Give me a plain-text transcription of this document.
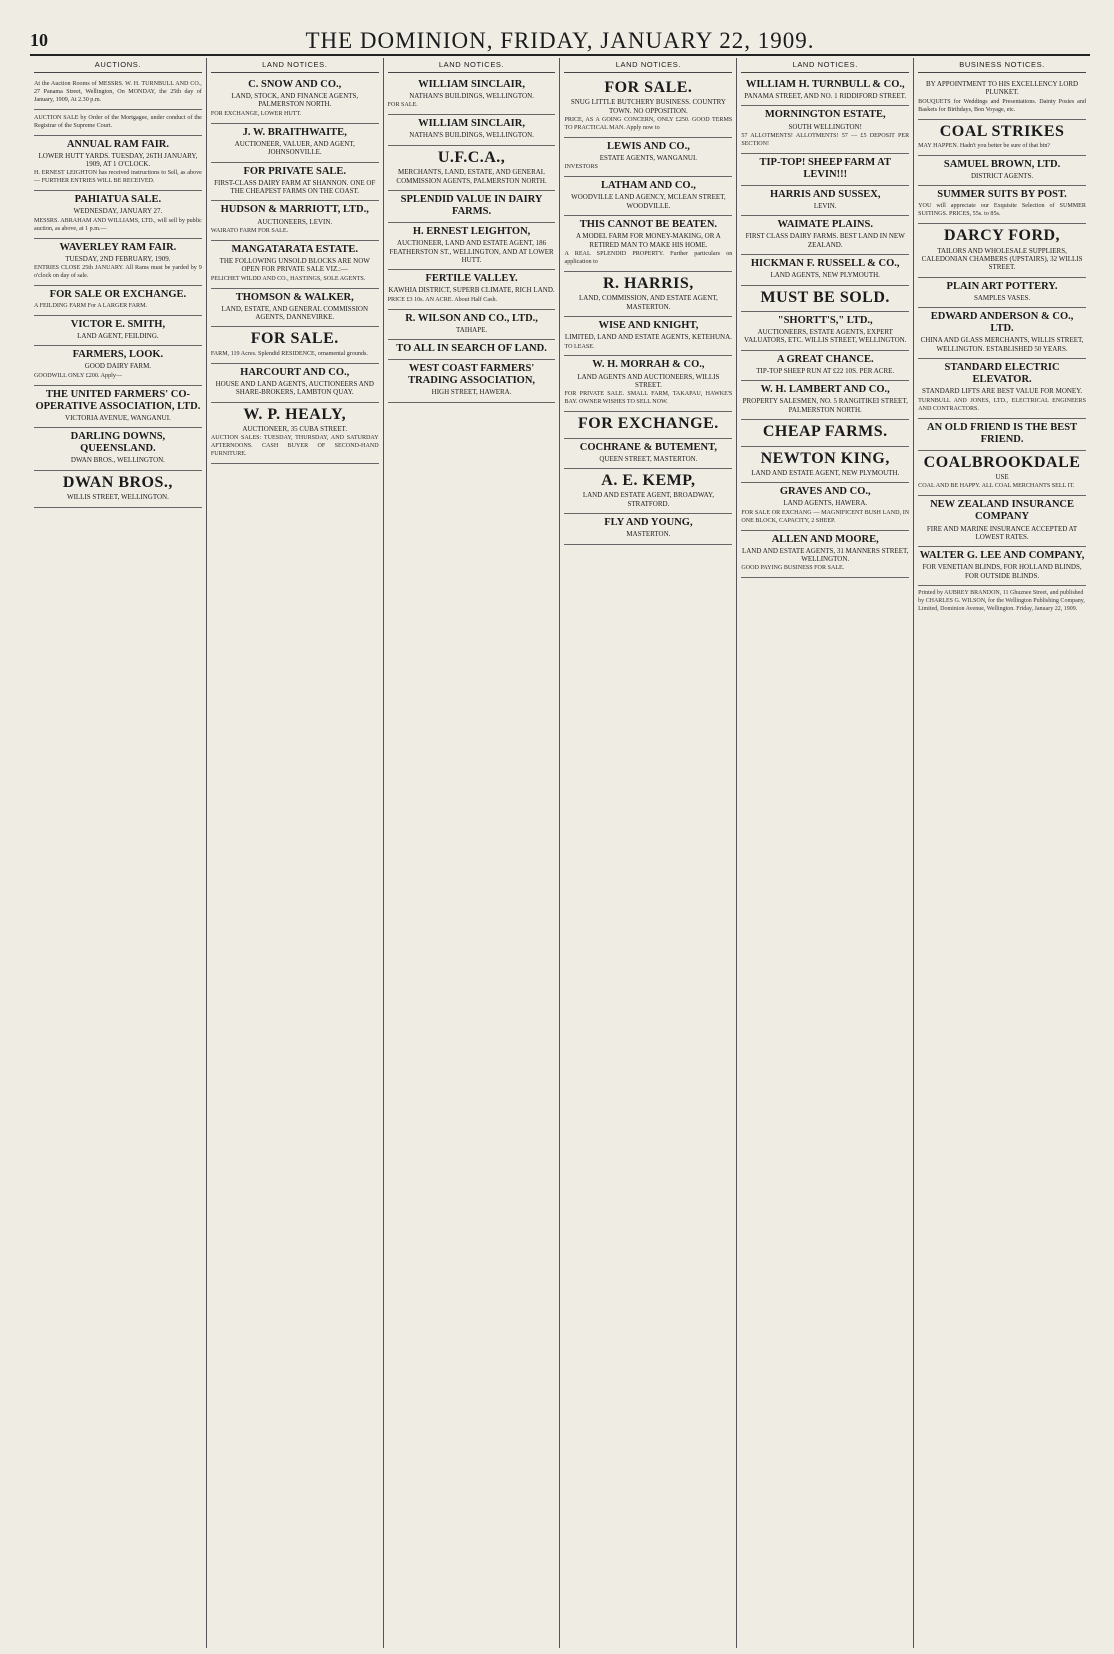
10	THE DOMINION, FRIDAY, JANUARY 22, 1909.
AUCTIONS.
At the Auction Rooms of MESSRS. W. H. TURNBULL AND CO., 27 Panama Street, Wellington, On MONDAY, the 25th day of January, 1909, At 2.30 p.m.
AUCTION SALE by Order of the Mortgagee, under conduct of the Registrar of the Supreme Court.
ANNUAL RAM FAIR.
LOWER HUTT YARDS. TUESDAY, 26TH JANUARY, 1909, AT 1 O'CLOCK.
H. ERNEST LEIGHTON has received instructions to Sell, as above— FURTHER ENTRIES WILL BE RECEIVED.
PAHIATUA SALE.
WEDNESDAY, JANUARY 27.
MESSRS. ABRAHAM AND WILLIAMS, LTD., will sell by public auction, as above, at 1 p.m.—
WAVERLEY RAM FAIR.
TUESDAY, 2ND FEBRUARY, 1909.
ENTRIES CLOSE 25th JANUARY. All Rams must be yarded by 9 o'clock on day of sale.
FOR SALE OR EXCHANGE.
A FEILDING FARM For A LARGER FARM.
VICTOR E. SMITH,
LAND AGENT, FEILDING.
FARMERS, LOOK.
GOOD DAIRY FARM.
GOODWILL ONLY £200. Apply—
THE UNITED FARMERS' CO-OPERATIVE ASSOCIATION, LTD.
VICTORIA AVENUE, WANGANUI.
DARLING DOWNS, QUEENSLAND.
DWAN BROS., WELLINGTON.
DWAN BROS.,
WILLIS STREET, WELLINGTON.
LAND NOTICES.
C. SNOW AND CO.,
LAND, STOCK, AND FINANCE AGENTS, PALMERSTON NORTH.
FOR EXCHANGE, LOWER HUTT.
J. W. BRAITHWAITE,
AUCTIONEER, VALUER, AND AGENT, JOHNSONVILLE.
FOR PRIVATE SALE.
FIRST-CLASS DAIRY FARM AT SHANNON. ONE OF THE CHEAPEST FARMS ON THE COAST.
HUDSON & MARRIOTT, LTD.,
AUCTIONEERS, LEVIN.
WAIRATO FARM FOR SALE.
MANGATARATA ESTATE.
THE FOLLOWING UNSOLD BLOCKS ARE NOW OPEN FOR PRIVATE SALE VIZ.:—
PELICHET WILDD AND CO., HASTINGS, SOLE AGENTS.
THOMSON & WALKER,
LAND, ESTATE, AND GENERAL COMMISSION AGENTS, DANNEVIRKE.
FOR SALE.
FARM, 119 Acres. Splendid RESIDENCE, ornamental grounds.
HARCOURT AND CO.,
HOUSE AND LAND AGENTS, AUCTIONEERS AND SHARE-BROKERS, LAMBTON QUAY.
W. P. HEALY,
AUCTIONEER, 35 CUBA STREET.
AUCTION SALES: TUESDAY, THURSDAY, AND SATURDAY AFTERNOONS. CASH BUYER OF SECOND-HAND FURNITURE.
LAND NOTICES.
WILLIAM SINCLAIR,
NATHAN'S BUILDINGS, WELLINGTON.
FOR SALE.
WILLIAM SINCLAIR,
NATHAN'S BUILDINGS, WELLINGTON.
U.F.C.A.,
MERCHANTS, LAND, ESTATE, AND GENERAL COMMISSION AGENTS, PALMERSTON NORTH.
SPLENDID VALUE IN DAIRY FARMS.
H. ERNEST LEIGHTON,
AUCTIONEER, LAND AND ESTATE AGENT, 186 FEATHERSTON ST., WELLINGTON, AND AT LOWER HUTT.
FERTILE VALLEY.
KAWHIA DISTRICT, SUPERB CLIMATE, RICH LAND.
PRICE £3 10s. AN ACRE. About Half Cash.
R. WILSON AND CO., LTD.,
TAIHAPE.
TO ALL IN SEARCH OF LAND.
WEST COAST FARMERS' TRADING ASSOCIATION,
HIGH STREET, HAWERA.
LAND NOTICES.
FOR SALE.
SNUG LITTLE BUTCHERY BUSINESS. COUNTRY TOWN. NO OPPOSITION.
PRICE, AS A GOING CONCERN, ONLY £250. GOOD TERMS TO PRACTICAL MAN. Apply now to
LEWIS AND CO.,
ESTATE AGENTS, WANGANUI.
INVESTORS
LATHAM AND CO.,
WOODVILLE LAND AGENCY, MCLEAN STREET, WOODVILLE.
THIS CANNOT BE BEATEN.
A MODEL FARM FOR MONEY-MAKING, OR A RETIRED MAN TO MAKE HIS HOME.
A REAL SPLENDID PROPERTY. Further particulars on application to
R. HARRIS,
LAND, COMMISSION, AND ESTATE AGENT, MASTERTON.
WISE AND KNIGHT,
LIMITED, LAND AND ESTATE AGENTS, KETEHUNA.
TO LEASE.
W. H. MORRAH & CO.,
LAND AGENTS AND AUCTIONEERS, WILLIS STREET.
FOR PRIVATE SALE. SMALL FARM, TAKAPAU, HAWKE'S BAY. OWNER WISHES TO SELL NOW.
FOR EXCHANGE.
COCHRANE & BUTEMENT,
QUEEN STREET, MASTERTON.
A. E. KEMP,
LAND AND ESTATE AGENT, BROADWAY, STRATFORD.
FLY AND YOUNG,
MASTERTON.
LAND NOTICES.
WILLIAM H. TURNBULL & CO.,
PANAMA STREET, AND NO. 1 RIDDIFORD STREET.
MORNINGTON ESTATE,
SOUTH WELLINGTON!
57 ALLOTMENTS! ALLOTMENTS! 57 — £5 DEPOSIT PER SECTION!
TIP-TOP! SHEEP FARM AT LEVIN!!!
HARRIS AND SUSSEX,
LEVIN.
WAIMATE PLAINS.
FIRST CLASS DAIRY FARMS. BEST LAND IN NEW ZEALAND.
HICKMAN F. RUSSELL & CO.,
LAND AGENTS, NEW PLYMOUTH.
MUST BE SOLD.
"SHORTT'S," LTD.,
AUCTIONEERS, ESTATE AGENTS, EXPERT VALUATORS, ETC. WILLIS STREET, WELLINGTON.
A GREAT CHANCE.
TIP-TOP SHEEP RUN AT £22 10S. PER ACRE.
W. H. LAMBERT AND CO.,
PROPERTY SALESMEN, NO. 5 RANGITIKEI STREET, PALMERSTON NORTH.
CHEAP FARMS.
NEWTON KING,
LAND AND ESTATE AGENT, NEW PLYMOUTH.
GRAVES AND CO.,
LAND AGENTS, HAWERA.
FOR SALE OR EXCHANG — MAGNIFICENT BUSH LAND, IN ONE BLOCK, CAPACITY, 2 SHEEP.
ALLEN AND MOORE,
LAND AND ESTATE AGENTS, 31 MANNERS STREET, WELLINGTON.
GOOD PAYING BUSINESS FOR SALE.
BUSINESS NOTICES.
BY APPOINTMENT TO HIS EXCELLENCY LORD PLUNKET.
BOUQUETS for Weddings and Presentations. Dainty Posies and Baskets for Birthdays, Bon Voyage, etc.
COAL STRIKES
MAY HAPPEN. Hadn't you better be sure of that bin?
SAMUEL BROWN, LTD.
DISTRICT AGENTS.
SUMMER SUITS BY POST.
YOU will appreciate our Exquisite Selection of SUMMER SUITINGS. PRICES, 55s. to 85s.
DARCY FORD,
TAILORS AND WHOLESALE SUPPLIERS, CALEDONIAN CHAMBERS (UPSTAIRS), 32 WILLIS STREET.
PLAIN ART POTTERY.
SAMPLES VASES.
EDWARD ANDERSON & CO., LTD.
CHINA AND GLASS MERCHANTS, WILLIS STREET, WELLINGTON. ESTABLISHED 50 YEARS.
STANDARD ELECTRIC ELEVATOR.
STANDARD LIFTS ARE BEST VALUE FOR MONEY.
TURNBULL AND JONES, LTD., ELECTRICAL ENGINEERS AND CONTRACTORS.
AN OLD FRIEND IS THE BEST FRIEND.
COALBROOKDALE
USE
COAL AND BE HAPPY. ALL COAL MERCHANTS SELL IT.
NEW ZEALAND INSURANCE COMPANY
FIRE AND MARINE INSURANCE ACCEPTED AT LOWEST RATES.
WALTER G. LEE AND COMPANY,
FOR VENETIAN BLINDS, FOR HOLLAND BLINDS, FOR OUTSIDE BLINDS.
Printed by AUBREY BRANDON, 11 Ghuznee Street, and published by CHARLES G. WILSON, for the Wellington Publishing Company, Limited, Dominion Avenue, Wellington. Friday, January 22, 1909.
